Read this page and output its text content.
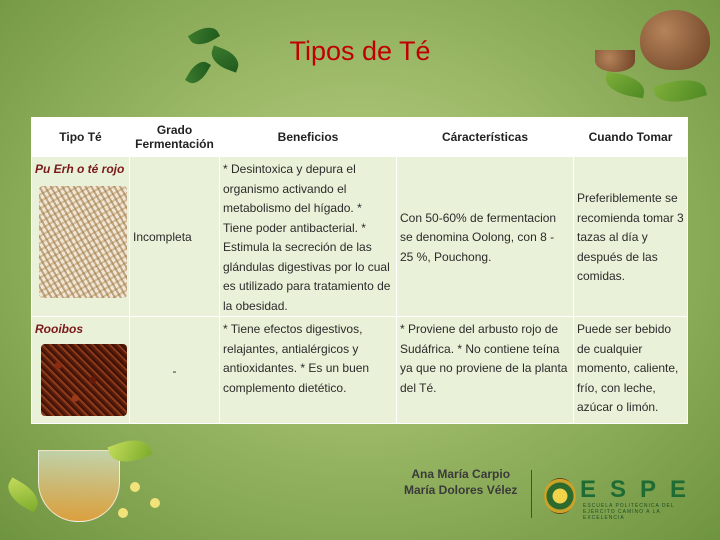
Tipos de Té
Tipo Té	Grado Fermentación	Beneficios	Cáracterísticas	Cuando Tomar

Pu Erh o té rojo	Incompleta	* Desintoxica y depura el organismo activando el metabolismo del hígado. * Tiene poder antibacterial. * Estimula la secreción de las glándulas digestivas por lo cual es utilizado para tratamiento de la obesidad.	Con 50-60% de fermentacion se denomina Oolong, con 8 - 25 %, Pouchong.	Preferiblemente se recomienda tomar 3 tazas al día y después de las comidas.

Rooibos	-	* Tiene efectos digestivos, relajantes, antialérgicos y antioxidantes. * Es un buen complemento dietético.	* Proviene del arbusto rojo de Sudáfrica. * No contiene teína ya que no proviene de la planta del Té.	Puede ser bebido de cualquier momento, caliente, frío, con leche, azúcar o limón.
Ana María Carpio
María Dolores Vélez	ESPE
ESCUELA POLITÉCNICA DEL EJÉRCITO CAMINO A LA EXCELENCIA
